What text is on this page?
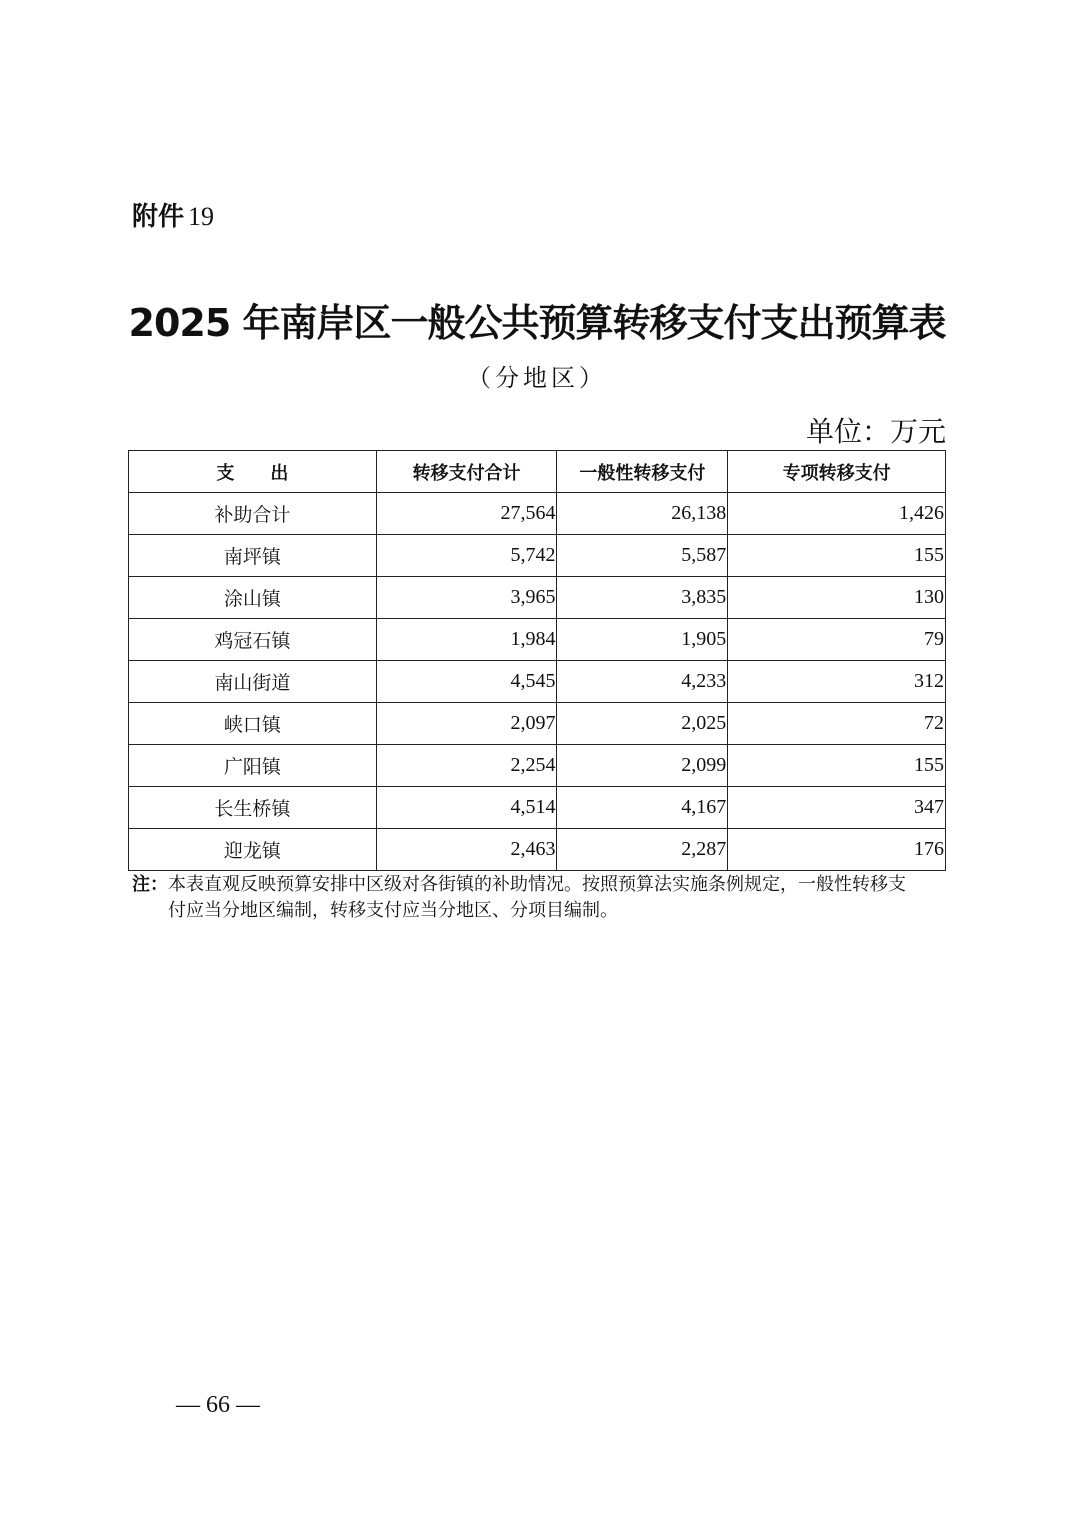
附件 19
2025 年南岸区一般公共预算转移支付支出预算表
（分地区）
单位：万元
支　　出	转移支付合计	一般性转移支付	专项转移支付
补助合计	27,564	26,138	1,426
南坪镇	5,742	5,587	155
涂山镇	3,965	3,835	130
鸡冠石镇	1,984	1,905	79
南山街道	4,545	4,233	312
峡口镇	2,097	2,025	72
广阳镇	2,254	2,099	155
长生桥镇	4,514	4,167	347
迎龙镇	2,463	2,287	176
注：本表直观反映预算安排中区级对各街镇的补助情况。按照预算法实施条例规定，一般性转移支
付应当分地区编制，转移支付应当分地区、分项目编制。
— 66 —
